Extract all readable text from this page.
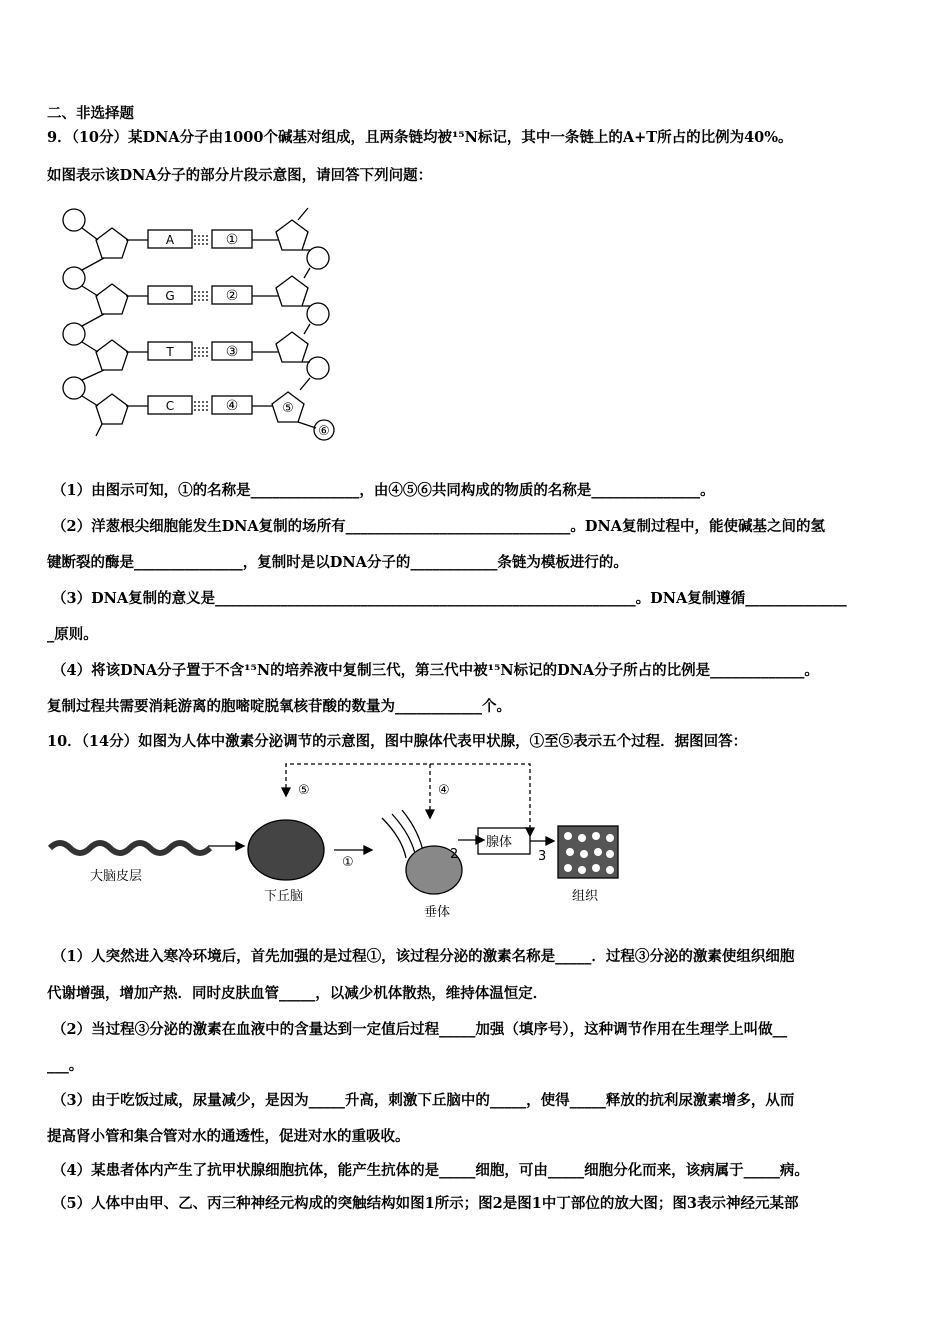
二、非选择题
9．（10分）某DNA分子由1000个碱基对组成，且两条链均被¹⁵N标记，其中一条链上的A+T所占的比例为40%。
如图表示该DNA分子的部分片段示意图，请回答下列问题：
A
G
T
C
①
②
③
④	⑤
⑥
（1）由图示可知，①的名称是_______________，由④⑤⑥共同构成的物质的名称是_______________。
（2）洋葱根尖细胞能发生DNA复制的场所有_______________________________。DNA复制过程中，能使碱基之间的氢
键断裂的酶是_______________，复制时是以DNA分子的____________条链为模板进行的。
（3）DNA复制的意义是__________________________________________________________。DNA复制遵循______________
_原则。
（4）将该DNA分子置于不含¹⁵N的培养液中复制三代，第三代中被¹⁵N标记的DNA分子所占的比例是_____________。
复制过程共需要消耗游离的胞嘧啶脱氧核苷酸的数量为____________个。
10．（14分）如图为人体中激素分泌调节的示意图，图中腺体代表甲状腺，①至⑤表示五个过程．据图回答：
⑤	④
①
2	3
腺体
大脑皮层
下丘脑
垂体
组织
（1）人突然进入寒冷环境后，首先加强的是过程①，该过程分泌的激素名称是_____．过程③分泌的激素使组织细胞
代谢增强，增加产热．同时皮肤血管_____，以减少机体散热，维持体温恒定．
（2）当过程③分泌的激素在血液中的含量达到一定值后过程_____加强（填序号），这种调节作用在生理学上叫做__
___。
（3）由于吃饭过咸，尿量减少，是因为_____升高，刺激下丘脑中的_____，使得_____释放的抗利尿激素增多，从而
提高肾小管和集合管对水的通透性，促进对水的重吸收。
（4）某患者体内产生了抗甲状腺细胞抗体，能产生抗体的是_____细胞，可由_____细胞分化而来，该病属于_____病。
（5）人体中由甲、乙、丙三种神经元构成的突触结构如图1所示；图2是图1中丁部位的放大图；图3表示神经元某部
